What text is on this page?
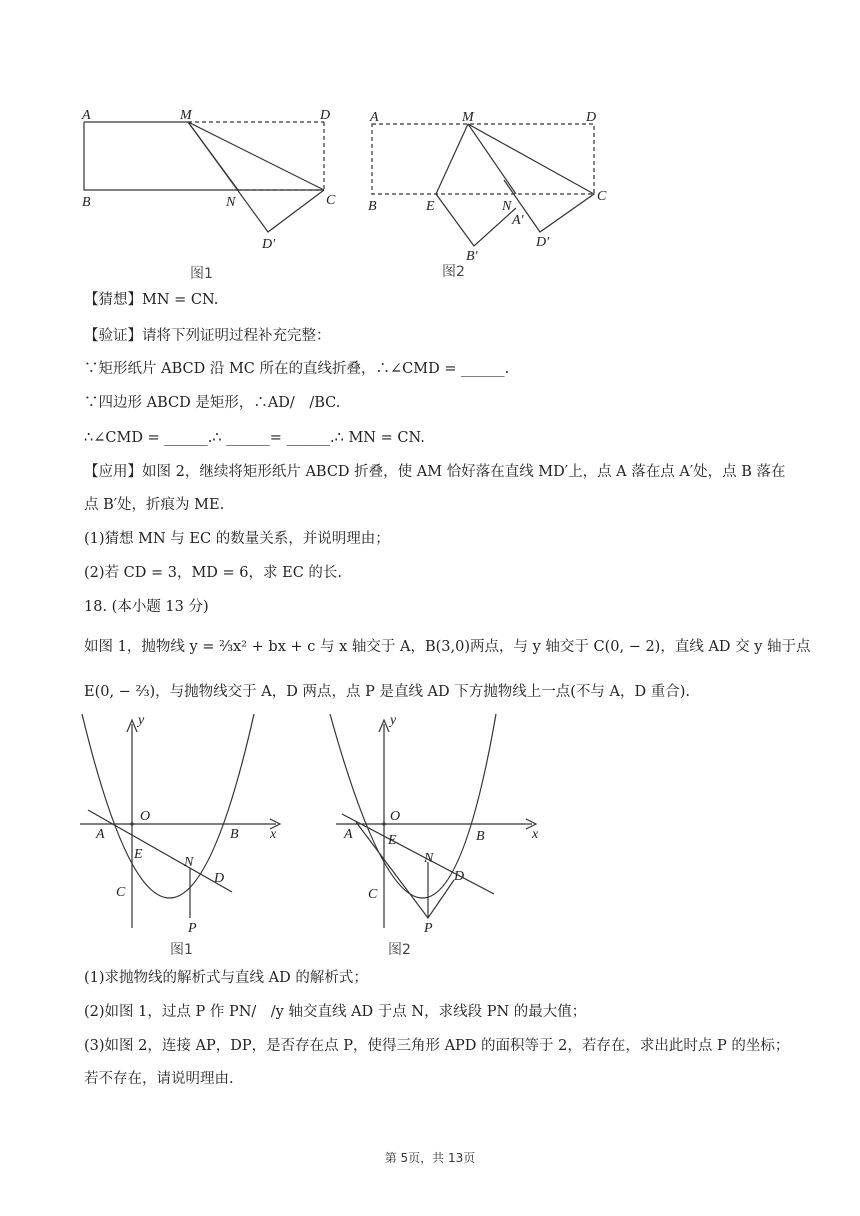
A	M	D
B	N	C
D′
图1
A	M	D
B	E	N
C
A′
B′
D′
图2
【猜想】MN = CN.
【验证】请将下列证明过程补充完整：
∵矩形纸片 ABCD 沿 MC 所在的直线折叠，∴∠CMD = ______.
∵四边形 ABCD 是矩形，∴AD/　/BC.
∴∠CMD = ______.∴ ______= ______.∴ MN = CN.
【应用】如图 2，继续将矩形纸片 ABCD 折叠，使 AM 恰好落在直线 MD′上，点 A 落在点 A′处，点 B 落在
点 B′处，折痕为 ME.
(1)猜想 MN 与 EC 的数量关系，并说明理由；
(2)若 CD = 3，MD = 6，求 EC 的长.
18. (本小题 13 分)
如图 1，抛物线 y = ⅔x² + bx + c 与 x 轴交于 A，B(3,0)两点，与 y 轴交于 C(0, − 2)，直线 AD 交 y 轴于点
E(0, − ⅔)，与抛物线交于 A，D 两点，点 P 是直线 AD 下方抛物线上一点(不与 A，D 重合).
y
x
O
A	B
E
N
D
C
P
图1
y
x
O
A	B
E
N
D
C
P
图2
(1)求抛物线的解析式与直线 AD 的解析式；
(2)如图 1，过点 P 作 PN/　/y 轴交直线 AD 于点 N，求线段 PN 的最大值；
(3)如图 2，连接 AP，DP，是否存在点 P，使得三角形 APD 的面积等于 2，若存在，求出此时点 P 的坐标；
若不存在，请说明理由.
第 5页，共 13页
